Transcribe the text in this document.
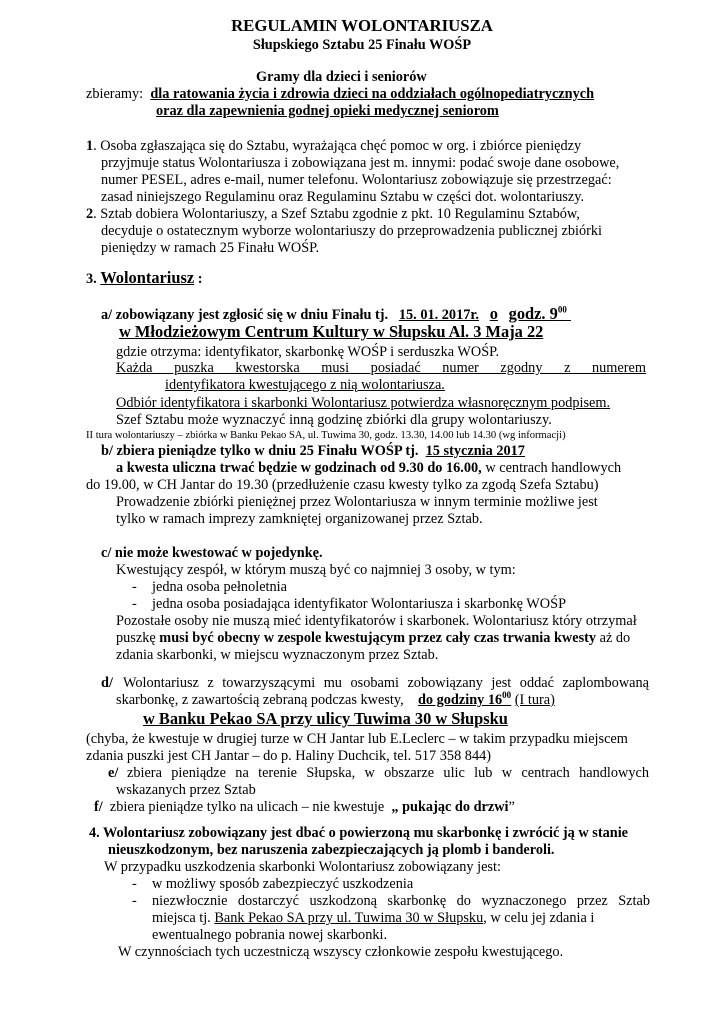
REGULAMIN WOLONTARIUSZA
Słupskiego Sztabu 25 Finału WOŚP
Gramy dla dzieci i seniorów
zbieramy: dla ratowania życia i zdrowia dzieci na oddziałach ogólnopediatrycznych
oraz dla zapewnienia godnej opieki medycznej seniorom
1. Osoba zgłaszająca się do Sztabu, wyrażająca chęć pomoc w org. i zbiórce pieniędzy
przyjmuje status Wolontariusza i zobowiązana jest m. innymi: podać swoje dane osobowe,
numer PESEL, adres e-mail, numer telefonu. Wolontariusz zobowiązuje się przestrzegać:
zasad niniejszego Regulaminu oraz Regulaminu Sztabu w części dot. wolontariuszy.
2. Sztab dobiera Wolontariuszy, a Szef Sztabu zgodnie z pkt. 10 Regulaminu Sztabów,
decyduje o ostatecznym wyborze wolontariuszy do przeprowadzenia publicznej zbiórki
pieniędzy w ramach 25 Finału WOŚP.
3. Wolontariusz :
a/ zobowiązany jest zgłosić się w dniu Finału tj. 15. 01. 2017r. o godz. $9^{00}$
w Młodzieżowym Centrum Kultury w Słupsku Al. 3 Maja 22
gdzie otrzyma: identyfikator, skarbonkę WOŚP i serduszka WOŚP.
Każda puszka kwestorska musi posiadać numer zgodny z numerem
identyfikatora kwestującego z nią wolontariusza.
Odbiór identyfikatora i skarbonki Wolontariusz potwierdza własnoręcznym podpisem.
Szef Sztabu może wyznaczyć inną godzinę zbiórki dla grupy wolontariuszy.
II tura wolontariuszy – zbiórka w Banku Pekao SA, ul. Tuwima 30, godz. 13.30, 14.00 lub 14.30 (wg informacji)
b/ zbiera pieniądze tylko w dniu 25 Finału WOŚP tj. 15 stycznia 2017
a kwesta uliczna trwać będzie w godzinach od 9.30 do 16.00, w centrach handlowych
do 19.00, w CH Jantar do 19.30 (przedłużenie czasu kwesty tylko za zgodą Szefa Sztabu)
Prowadzenie zbiórki pieniężnej przez Wolontariusza w innym terminie możliwe jest
tylko w ramach imprezy zamkniętej organizowanej przez Sztab.
c/ nie może kwestować w pojedynkę.
Kwestujący zespół, w którym muszą być co najmniej 3 osoby, w tym:
- jedna osoba pełnoletnia
- jedna osoba posiadająca identyfikator Wolontariusza i skarbonkę WOŚP
Pozostałe osoby nie muszą mieć identyfikatorów i skarbonek. Wolontariusz który otrzymał
puszkę musi być obecny w zespole kwestującym przez cały czas trwania kwesty aż do
zdania skarbonki, w miejscu wyznaczonym przez Sztab.
d/ Wolontariusz z towarzyszącymi mu osobami zobowiązany jest oddać zaplombowaną
skarbonkę, z zawartością zebraną podczas kwesty, do godziny $16^{00}$ (I tura)
w Banku Pekao SA przy ulicy Tuwima 30 w Słupsku
(chyba, że kwestuje w drugiej turze w CH Jantar lub E.Leclerc – w takim przypadku miejscem
zdania puszki jest CH Jantar – do p. Haliny Duchcik, tel. 517 358 844)
e/ zbiera pieniądze na terenie Słupska, w obszarze ulic lub w centrach handlowych
wskazanych przez Sztab
f/ zbiera pieniądze tylko na ulicach – nie kwestuje „ pukając do drzwi”
4. Wolontariusz zobowiązany jest dbać o powierzoną mu skarbonkę i zwrócić ją w stanie
nieuszkodzonym, bez naruszenia zabezpieczających ją plomb i banderoli.
W przypadku uszkodzenia skarbonki Wolontariusz zobowiązany jest:
- w możliwy sposób zabezpieczyć uszkodzenia
- niezwłocznie dostarczyć uszkodzoną skarbonkę do wyznaczonego przez Sztab
miejsca tj. Bank Pekao SA przy ul. Tuwima 30 w Słupsku, w celu jej zdania i
ewentualnego pobrania nowej skarbonki.
W czynnościach tych uczestniczą wszyscy członkowie zespołu kwestującego.
